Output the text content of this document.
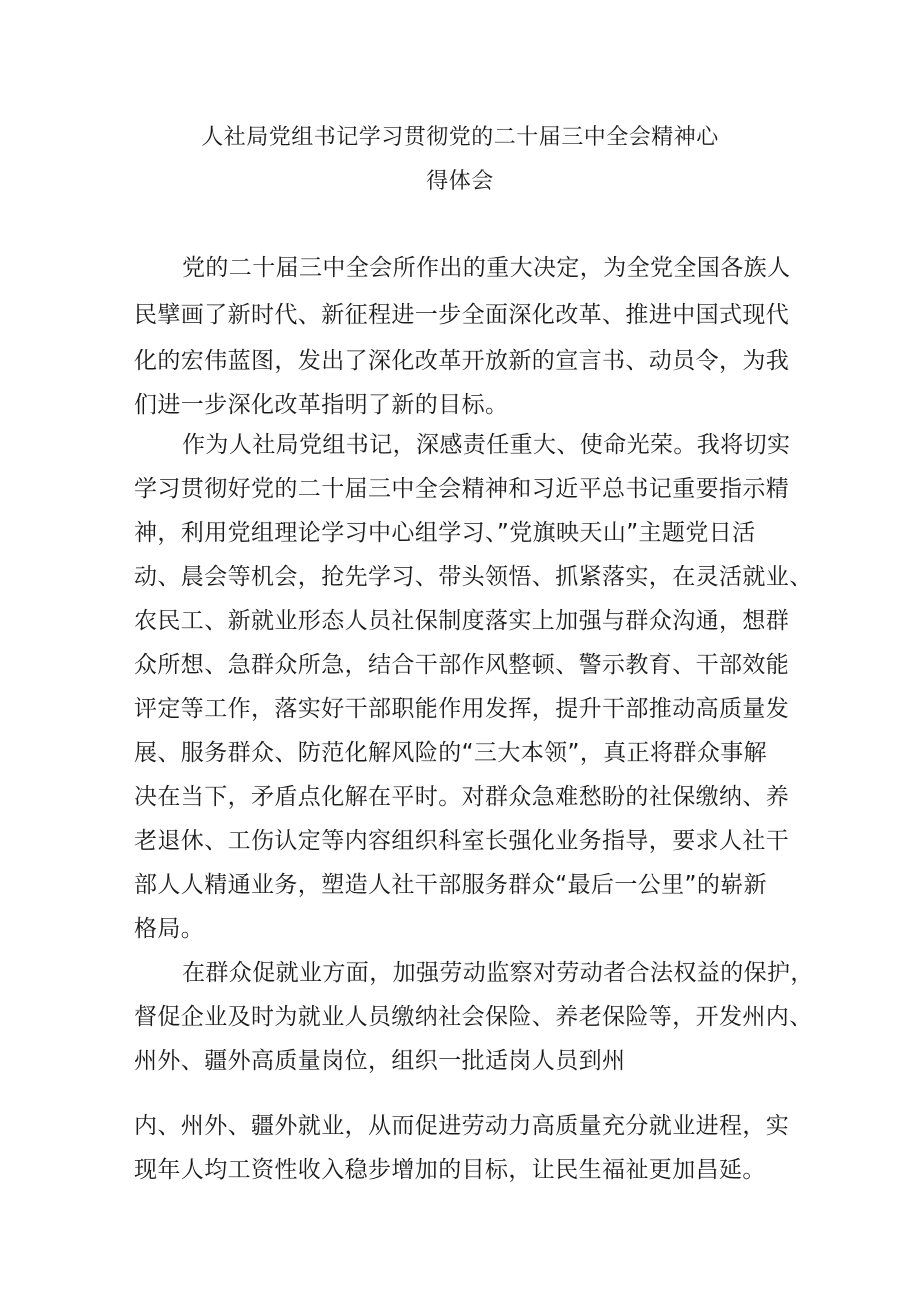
人社局党组书记学习贯彻党的二十届三中全会精神心
得体会
党的二十届三中全会所作出的重大决定，为全党全国各族人
民擘画了新时代、新征程进一步全面深化改革、推进中国式现代
化的宏伟蓝图，发出了深化改革开放新的宣言书、动员令，为我
们进一步深化改革指明了新的目标。
作为人社局党组书记，深感责任重大、使命光荣。我将切实
学习贯彻好党的二十届三中全会精神和习近平总书记重要指示精
神，利用党组理论学习中心组学习、”党旗映天山”主题党日活
动、晨会等机会，抢先学习、带头领悟、抓紧落实，在灵活就业、
农民工、新就业形态人员社保制度落实上加强与群众沟通，想群
众所想、急群众所急，结合干部作风整顿、警示教育、干部效能
评定等工作，落实好干部职能作用发挥，提升干部推动高质量发
展、服务群众、防范化解风险的“三大本领”，真正将群众事解
决在当下，矛盾点化解在平时。对群众急难愁盼的社保缴纳、养
老退休、工伤认定等内容组织科室长强化业务指导，要求人社干
部人人精通业务，塑造人社干部服务群众“最后一公里”的崭新
格局。
在群众促就业方面，加强劳动监察对劳动者合法权益的保护，
督促企业及时为就业人员缴纳社会保险、养老保险等，开发州内、
州外、疆外高质量岗位，组织一批适岗人员到州
内、州外、疆外就业，从而促进劳动力高质量充分就业进程，实
现年人均工资性收入稳步增加的目标，让民生福祉更加昌延。
